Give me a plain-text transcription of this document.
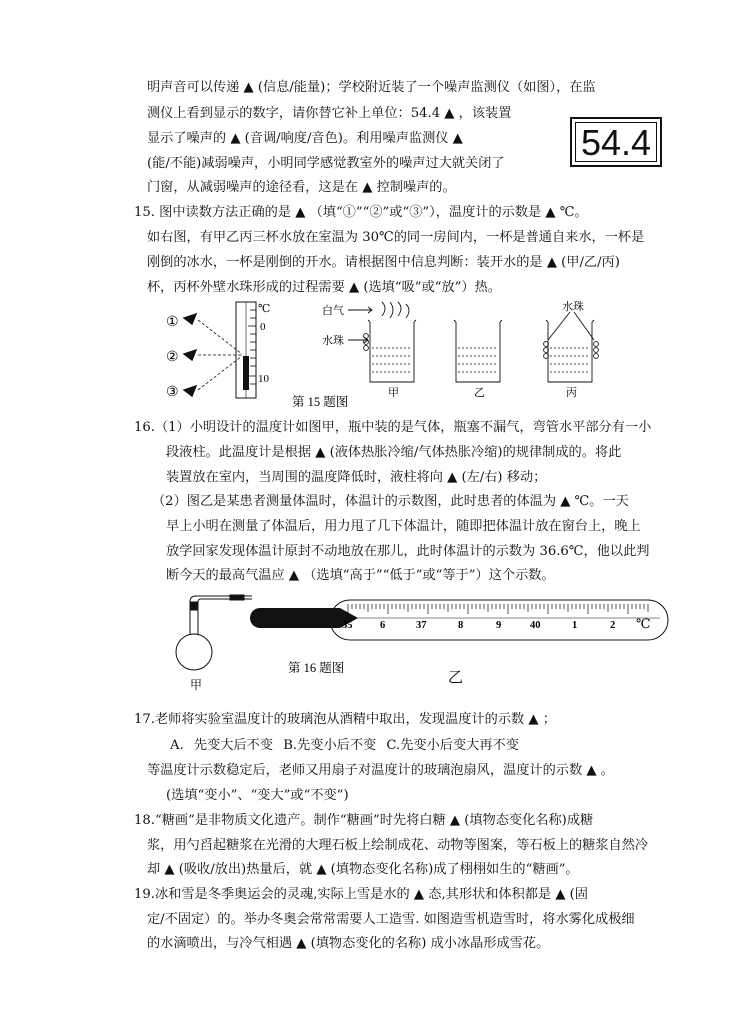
明声音可以传递 ▲ (信息/能量)；学校附近装了一个噪声监测仪（如图），在监
测仪上看到显示的数字，请你替它补上单位：54.4 ▲ ，该装置
显示了噪声的 ▲ (音调/响度/音色)。利用噪声监测仪 ▲
(能/不能)减弱噪声，小明同学感觉教室外的噪声过大就关闭了
门窗，从减弱噪声的途径看，这是在 ▲ 控制噪声的。
54.4
15. 图中读数方法正确的是 ▲ （填“①”“②”或“③”），温度计的示数是 ▲ ℃。
如右图，有甲乙丙三杯水放在室温为 30℃的同一房间内，一杯是普通自来水，一杯是
刚倒的冰水，一杯是刚倒的开水。请根据图中信息判断：装开水的是 ▲ (甲/乙/丙)
杯，丙杯外壁水珠形成的过程需要 ▲ (选填“吸”或“放”）热。
①
②
③
℃
0
10
第 15 题图
白气
水珠
甲	乙
水珠
丙
16.（1）小明设计的温度计如图甲，瓶中装的是气体，瓶塞不漏气，弯管水平部分有一小
段液柱。此温度计是根据 ▲ (液体热胀冷缩/气体热胀冷缩)的规律制成的。将此
装置放在室内，当周围的温度降低时，液柱将向 ▲ (左/右) 移动；
（2）图乙是某患者测量体温时，体温计的示数图，此时患者的体温为 ▲ ℃。一天
早上小明在测量了体温后，用力甩了几下体温计，随即把体温计放在窗台上，晚上
放学回家发现体温计原封不动地放在那儿，此时体温计的示数为 36.6℃，他以此判
断今天的最高气温应 ▲ （选填“高于”“低于”或“等于”）这个示数。
甲
第 16 题图
乙
35	6	37	8	9	40	1	2 ℃
17.老师将实验室温度计的玻璃泡从酒精中取出，发现温度计的示数 ▲ ；
A. 先变大后不变 B.先变小后不变 C.先变小后变大再不变
等温度计示数稳定后，老师又用扇子对温度计的玻璃泡扇风，温度计的示数 ▲ 。
(选填“变小”、“变大”或“不变”)
18.“糖画”是非物质文化遗产。制作“糖画”时先将白糖 ▲ (填物态变化名称)成糖
浆，用勺舀起糖浆在光滑的大理石板上绘制成花、动物等图案，等石板上的糖浆自然冷
却 ▲ (吸收/放出)热量后，就 ▲ (填物态变化名称)成了栩栩如生的“糖画”。
19.冰和雪是冬季奥运会的灵魂,实际上雪是水的 ▲ 态,其形状和体积都是 ▲ (固
定/不固定）的。举办冬奥会常常需要人工造雪. 如图造雪机造雪时，将水雾化成极细
的水滴喷出，与冷气相遇 ▲ (填物态变化的名称) 成小冰晶形成雪花。
